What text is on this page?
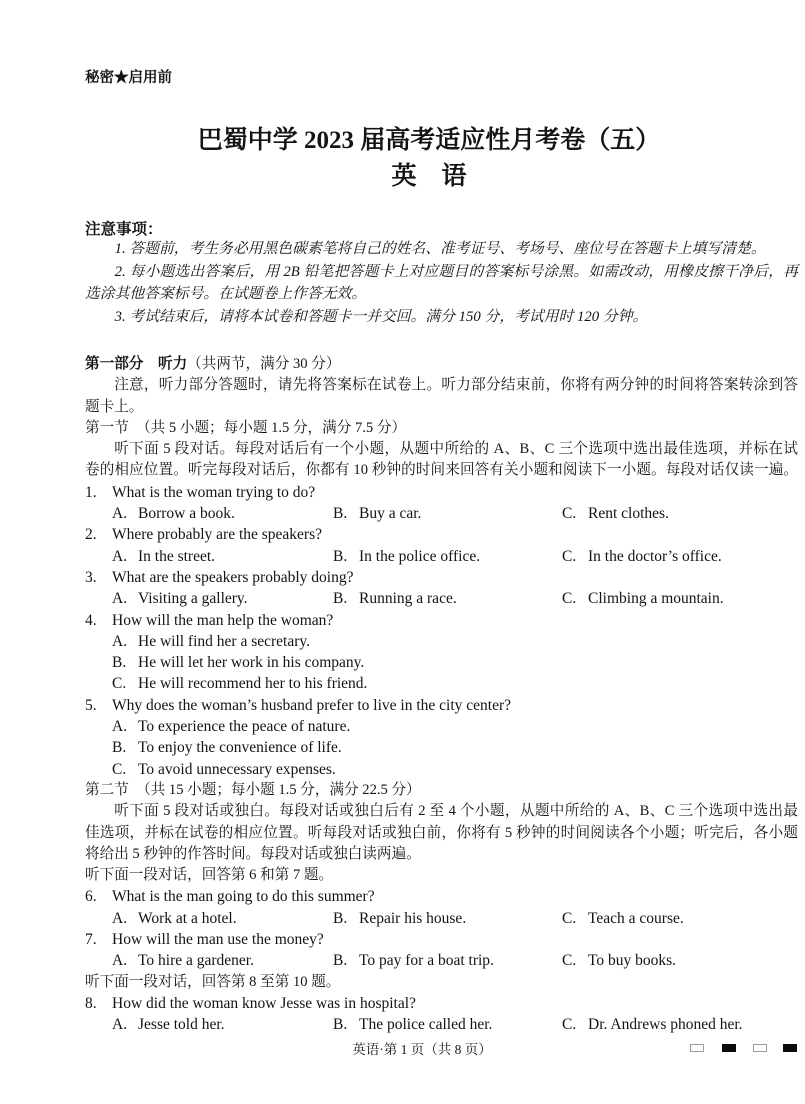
秘密★启用前
巴蜀中学 2023 届高考适应性月考卷（五）
英　语
注意事项：
1. 答题前，考生务必用黑色碳素笔将自己的姓名、准考证号、考场号、座位号在答题卡上填写清楚。
2. 每小题选出答案后，用 2B 铅笔把答题卡上对应题目的答案标号涂黑。如需改动，用橡皮擦干净后，再
选涂其他答案标号。在试题卷上作答无效。
3. 考试结束后，请将本试卷和答题卡一并交回。满分 150 分，考试用时 120 分钟。
第一部分　听力（共两节，满分 30 分）
注意，听力部分答题时，请先将答案标在试卷上。听力部分结束前，你将有两分钟的时间将答案转涂到答
题卡上。
第一节　（共 5 小题；每小题 1.5 分，满分 7.5 分）
听下面 5 段对话。每段对话后有一个小题，从题中所给的 A、B、C 三个选项中选出最佳选项，并标在试
卷的相应位置。听完每段对话后，你都有 10 秒钟的时间来回答有关小题和阅读下一小题。每段对话仅读一遍。
1. What is the woman trying to do?
A. Borrow a book.	B. Buy a car.	C. Rent clothes.
2. Where probably are the speakers?
A. In the street.	B. In the police office.	C. In the doctor’s office.
3. What are the speakers probably doing?
A. Visiting a gallery.	B. Running a race.	C. Climbing a mountain.
4. How will the man help the woman?
A. He will find her a secretary.
B. He will let her work in his company.
C. He will recommend her to his friend.
5. Why does the woman’s husband prefer to live in the city center?
A. To experience the peace of nature.
B. To enjoy the convenience of life.
C. To avoid unnecessary expenses.
第二节　（共 15 小题；每小题 1.5 分，满分 22.5 分）
听下面 5 段对话或独白。每段对话或独白后有 2 至 4 个小题，从题中所给的 A、B、C 三个选项中选出最
佳选项，并标在试卷的相应位置。听每段对话或独白前，你将有 5 秒钟的时间阅读各个小题；听完后，各小题
将给出 5 秒钟的作答时间。每段对话或独白读两遍。
听下面一段对话，回答第 6 和第 7 题。
6. What is the man going to do this summer?
A. Work at a hotel.	B. Repair his house.	C. Teach a course.
7. How will the man use the money?
A. To hire a gardener.	B. To pay for a boat trip.	C. To buy books.
听下面一段对话，回答第 8 至第 10 题。
8. How did the woman know Jesse was in hospital?
A. Jesse told her.	B. The police called her.	C. Dr. Andrews phoned her.
英语·第 1 页（共 8 页）
